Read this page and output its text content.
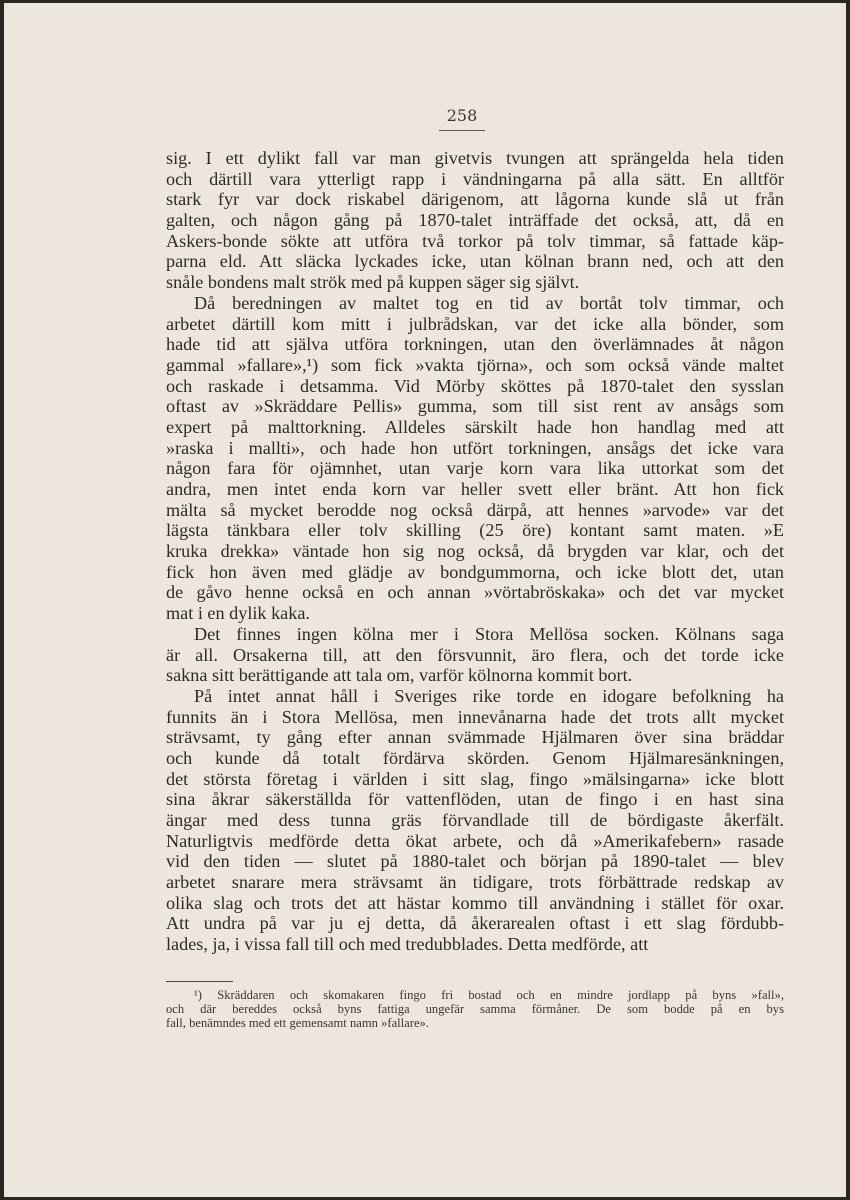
258
sig. I ett dylikt fall var man givetvis tvungen att sprängelda hela tiden
och därtill vara ytterligt rapp i vändningarna på alla sätt. En alltför
stark fyr var dock riskabel därigenom, att lågorna kunde slå ut från
galten, och någon gång på 1870-talet inträffade det också, att, då en
Askers-bonde sökte att utföra två torkor på tolv timmar, så fattade käp-
parna eld. Att släcka lyckades icke, utan kölnan brann ned, och att den
snåle bondens malt strök med på kuppen säger sig självt.
Då beredningen av maltet tog en tid av bortåt tolv timmar, och
arbetet därtill kom mitt i julbrådskan, var det icke alla bönder, som
hade tid att själva utföra torkningen, utan den överlämnades åt någon
gammal »fallare»,¹) som fick »vakta tjörna», och som också vände maltet
och raskade i detsamma. Vid Mörby sköttes på 1870-talet den sysslan
oftast av »Skräddare Pellis» gumma, som till sist rent av ansågs som
expert på malttorkning. Alldeles särskilt hade hon handlag med att
»raska i mallti», och hade hon utfört torkningen, ansågs det icke vara
någon fara för ojämnhet, utan varje korn vara lika uttorkat som det
andra, men intet enda korn var heller svett eller bränt. Att hon fick
mälta så mycket berodde nog också därpå, att hennes »arvode» var det
lägsta tänkbara eller tolv skilling (25 öre) kontant samt maten. »E
kruka drekka» väntade hon sig nog också, då brygden var klar, och det
fick hon även med glädje av bondgummorna, och icke blott det, utan
de gåvo henne också en och annan »vörtabröskaka» och det var mycket
mat i en dylik kaka.
Det finnes ingen kölna mer i Stora Mellösa socken. Kölnans saga
är all. Orsakerna till, att den försvunnit, äro flera, och det torde icke
sakna sitt berättigande att tala om, varför kölnorna kommit bort.
På intet annat håll i Sveriges rike torde en idogare befolkning ha
funnits än i Stora Mellösa, men innevånarna hade det trots allt mycket
strävsamt, ty gång efter annan svämmade Hjälmaren över sina bräddar
och kunde då totalt fördärva skörden. Genom Hjälmaresänkningen,
det största företag i världen i sitt slag, fingo »mälsingarna» icke blott
sina åkrar säkerställda för vattenflöden, utan de fingo i en hast sina
ängar med dess tunna gräs förvandlade till de bördigaste åkerfält.
Naturligtvis medförde detta ökat arbete, och då »Amerikafebern» rasade
vid den tiden — slutet på 1880-talet och början på 1890-talet — blev
arbetet snarare mera strävsamt än tidigare, trots förbättrade redskap av
olika slag och trots det att hästar kommo till användning i stället för oxar.
Att undra på var ju ej detta, då åkerarealen oftast i ett slag fördubb-
lades, ja, i vissa fall till och med tredubblades. Detta medförde, att
¹) Skräddaren och skomakaren fingo fri bostad och en mindre jordlapp på byns »fall»,
och där bereddes också byns fattiga ungefär samma förmåner. De som bodde på en bys
fall, benämndes med ett gemensamt namn »fallare».
